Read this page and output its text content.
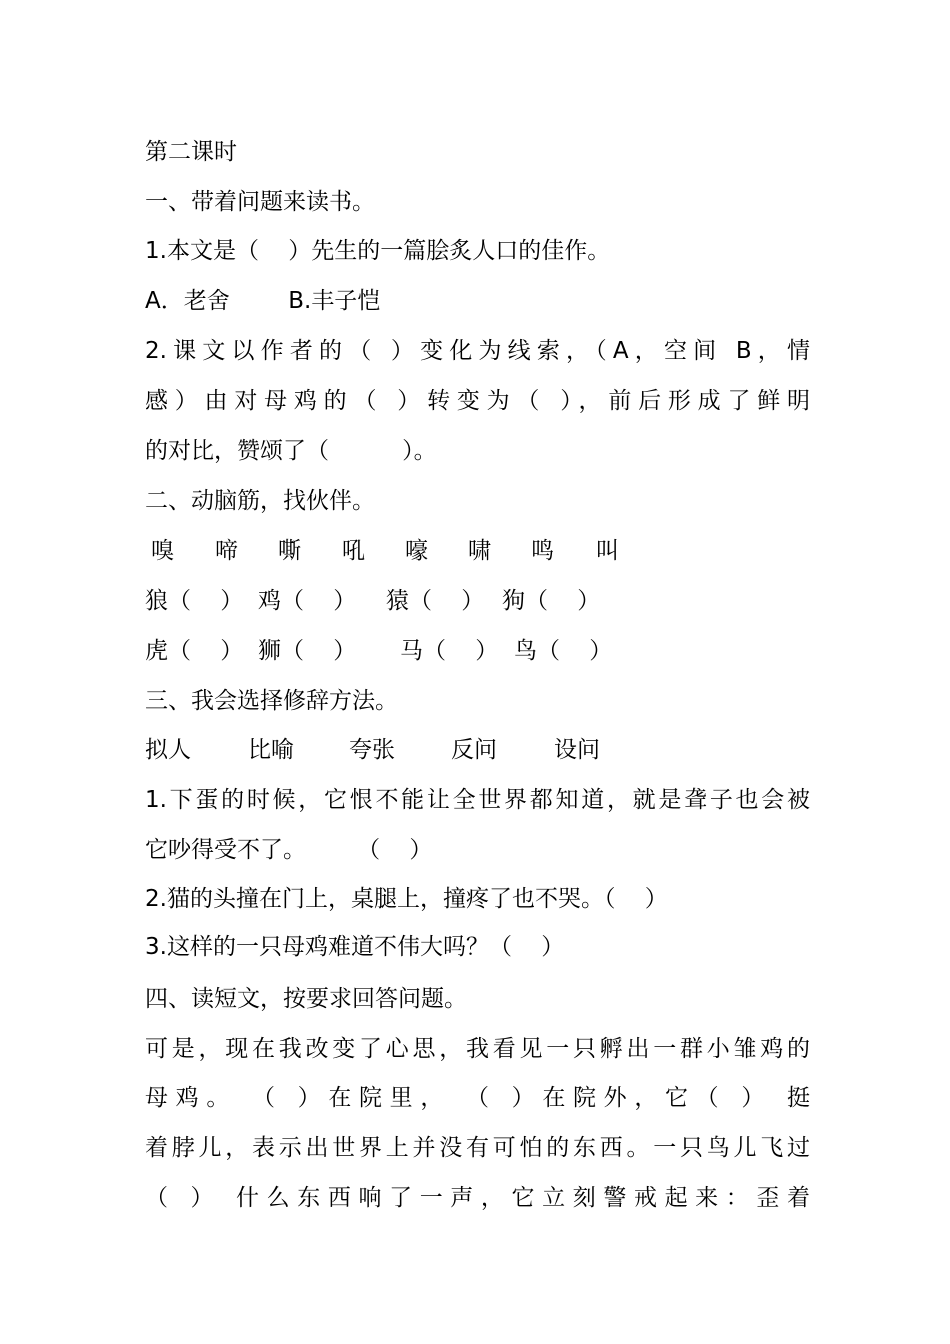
第二课时
一、带着问题来读书。
1.本文是（    ）先生的一篇脍炙人口的佳作。
A．老舍        B.丰子恺
2.课文以作者的（ ）变化为线索，（A，空间 B，情
感）由对母鸡的（ ）转变为（ ），前后形成了鲜明
的对比，赞颂了（          ）。
二、动脑筋，找伙伴。
嗅 啼 嘶 吼 嚎 啸 鸣 叫
狼（    ） 鸡（    ） 猿（    ） 狗（    ）
虎（    ） 狮（    ） 马（    ） 鸟（    ）
三、我会选择修辞方法。
拟人 比喻 夸张 反问 设问
1.下蛋的时候，它恨不能让全世界都知道，就是聋子也会被
它吵得受不了。       （    ）
2.猫的头撞在门上，桌腿上，撞疼了也不哭。（    ）
3.这样的一只母鸡难道不伟大吗？（    ）
四、读短文，按要求回答问题。
可是，现在我改变了心思，我看见一只孵出一群小雏鸡的
母鸡。 （ ）在院里， （ ）在院外，它（ ） 挺
着脖儿，表示出世界上并没有可怕的东西。一只鸟儿飞过
（ ） 什么东西响了一声，它立刻警戒起来：歪着
